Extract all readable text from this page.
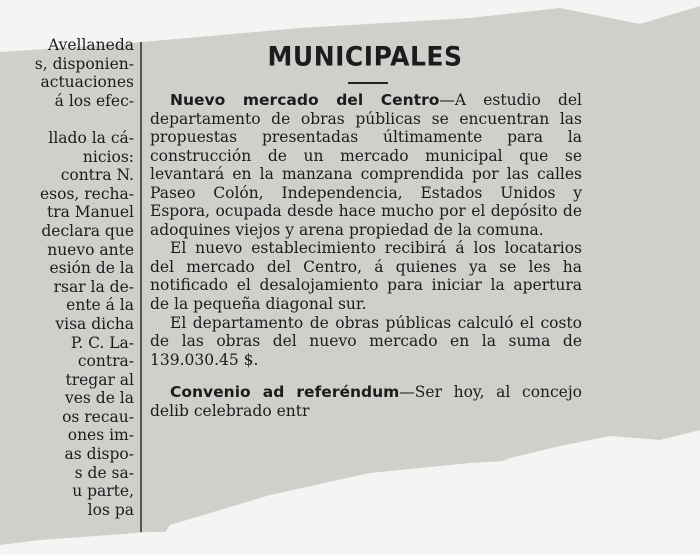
Avellaneda
s, disponien-
actuaciones
á los efec-

llado la cá-
nicios:
contra N.
esos, recha-
tra Manuel
declara que
nuevo ante
esión de la
rsar la de-
ente á la
visa dicha
P. C. La-
contra-
tregar al
ves de la
os recau-
ones im-
as dispo-
s de sa-
u parte,
los pa
MUNICIPALES

Nuevo mercado del Centro—A estudio del departamento de obras públicas se encuentran las propuestas presentadas últimamente para la construcción de un mercado municipal que se levantará en la manzana comprendida por las calles Paseo Colón, Independencia, Estados Unidos y Espora, ocupada desde hace mucho por el depósito de adoquines viejos y arena propiedad de la comuna.

El nuevo establecimiento recibirá á los locatarios del mercado del Centro, á quienes ya se les ha notificado el desalojamiento para iniciar la apertura de la pequeña diagonal sur.

El departamento de obras públicas calculó el costo de las obras del nuevo mercado en la suma de 139.030.45 $.

Convenio ad referéndum—Ser hoy, al concejo delib celebrado entr
